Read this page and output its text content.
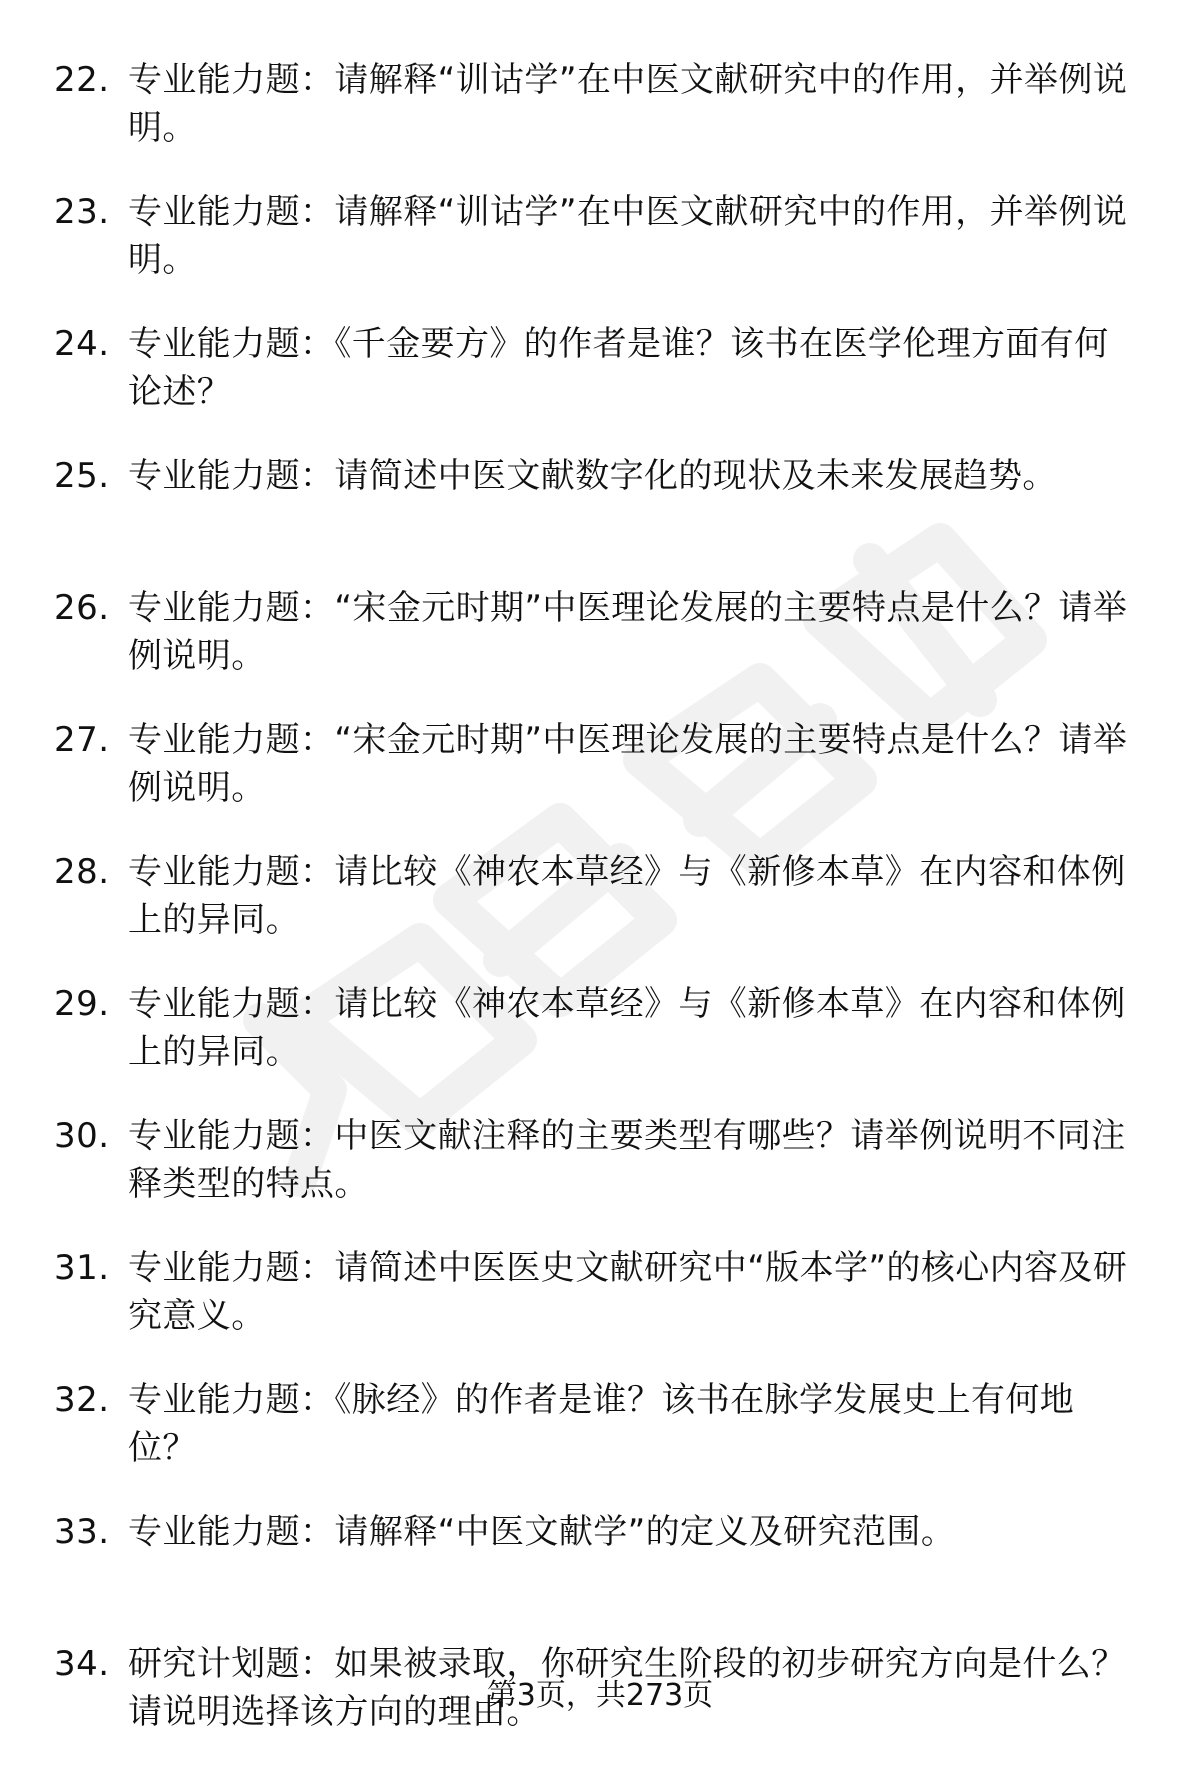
22. 专业能力题：请解释“训诂学”在中医文献研究中的作用，并举例说明。
23. 专业能力题：请解释“训诂学”在中医文献研究中的作用，并举例说明。
24. 专业能力题：《千金要方》的作者是谁？该书在医学伦理方面有何论述？
25. 专业能力题：请简述中医文献数字化的现状及未来发展趋势。
26. 专业能力题：“宋金元时期”中医理论发展的主要特点是什么？请举例说明。
27. 专业能力题：“宋金元时期”中医理论发展的主要特点是什么？请举例说明。
28. 专业能力题：请比较《神农本草经》与《新修本草》在内容和体例上的异同。
29. 专业能力题：请比较《神农本草经》与《新修本草》在内容和体例上的异同。
30. 专业能力题：中医文献注释的主要类型有哪些？请举例说明不同注释类型的特点。
31. 专业能力题：请简述中医医史文献研究中“版本学”的核心内容及研究意义。
32. 专业能力题：《脉经》的作者是谁？该书在脉学发展史上有何地位？
33. 专业能力题：请解释“中医文献学”的定义及研究范围。
34. 研究计划题：如果被录取，你研究生阶段的初步研究方向是什么？请说明选择该方向的理由。
第3页，共273页
